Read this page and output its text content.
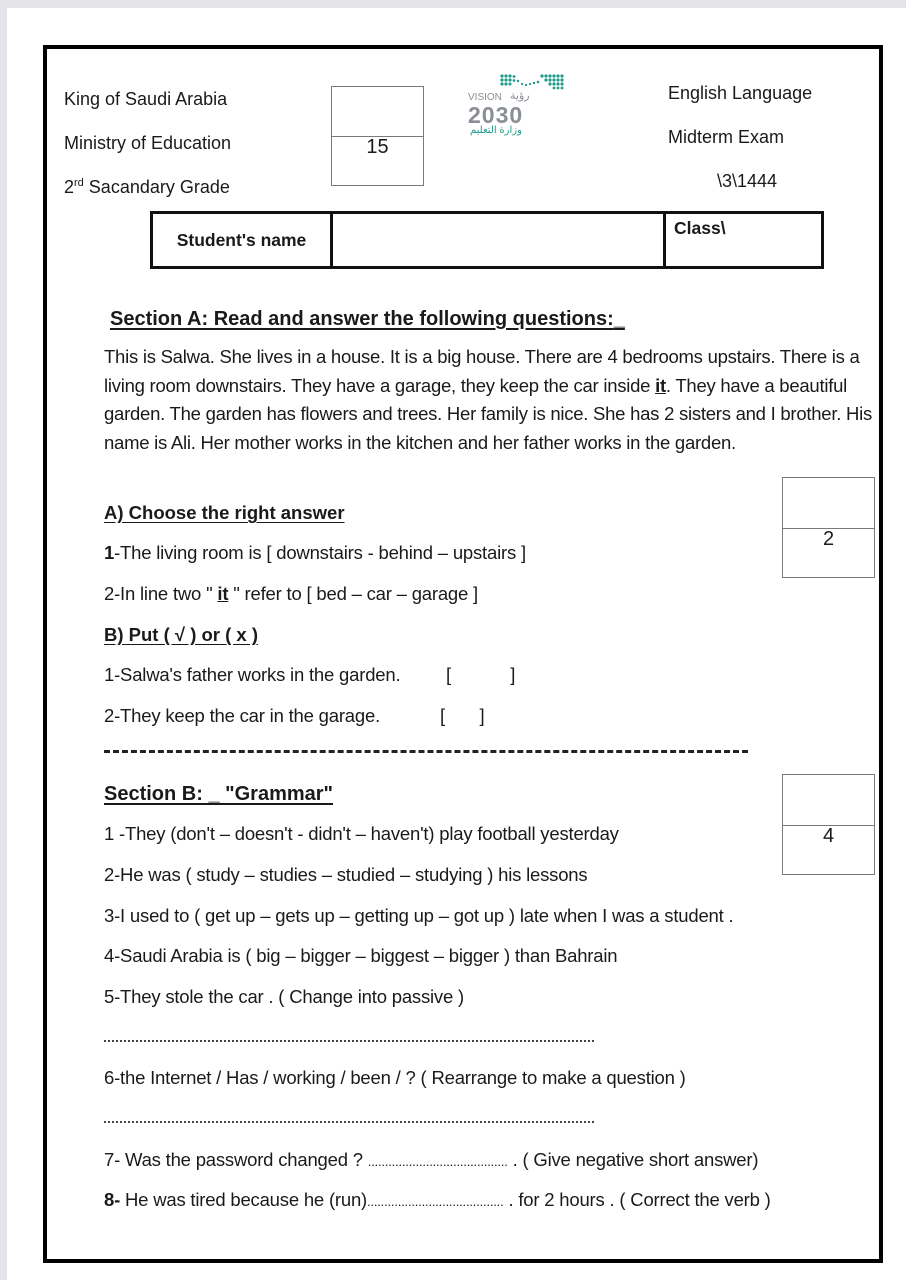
King of Saudi Arabia
Ministry of Education
2rd Sacandary Grade
15
VISION رؤية
2030
وزارة التعليم
English Language
Midterm Exam
\3\1444
Student's name
Class\
Section A: Read and answer the following questions:_
This is Salwa. She lives in a house. It is a big house. There are 4 bedrooms upstairs. There is a living room downstairs. They have a garage, they keep the car inside it. They have a beautiful garden. The garden has flowers and trees. Her family is nice. She has 2 sisters and I brother. His name is Ali. Her mother works in the kitchen and her father works in the garden.
2
A) Choose the right answer
1-The living room is [ downstairs - behind – upstairs ]
2-In line two " it " refer to [ bed – car – garage ]
B) Put ( √ ) or ( x )
1-Salwa's father works in the garden. [            ]
2-They keep the car in the garage.	[       ]
Section B: _ "Grammar"
4
1 -They (don't – doesn't - didn't – haven't) play football yesterday
2-He was ( study – studies – studied – studying ) his lessons
3-I used to ( get up – gets up – getting up – got up ) late when I was a student .
4-Saudi Arabia is ( big – bigger – biggest – bigger ) than Bahrain
5-They stole the car . ( Change into passive )
6-the Internet / Has / working / been / ? ( Rearrange to make a question )
7- Was the password changed ? ......................................... . ( Give negative short answer)
8- He was tired because he (run)........................................ . for 2 hours . ( Correct the verb )
